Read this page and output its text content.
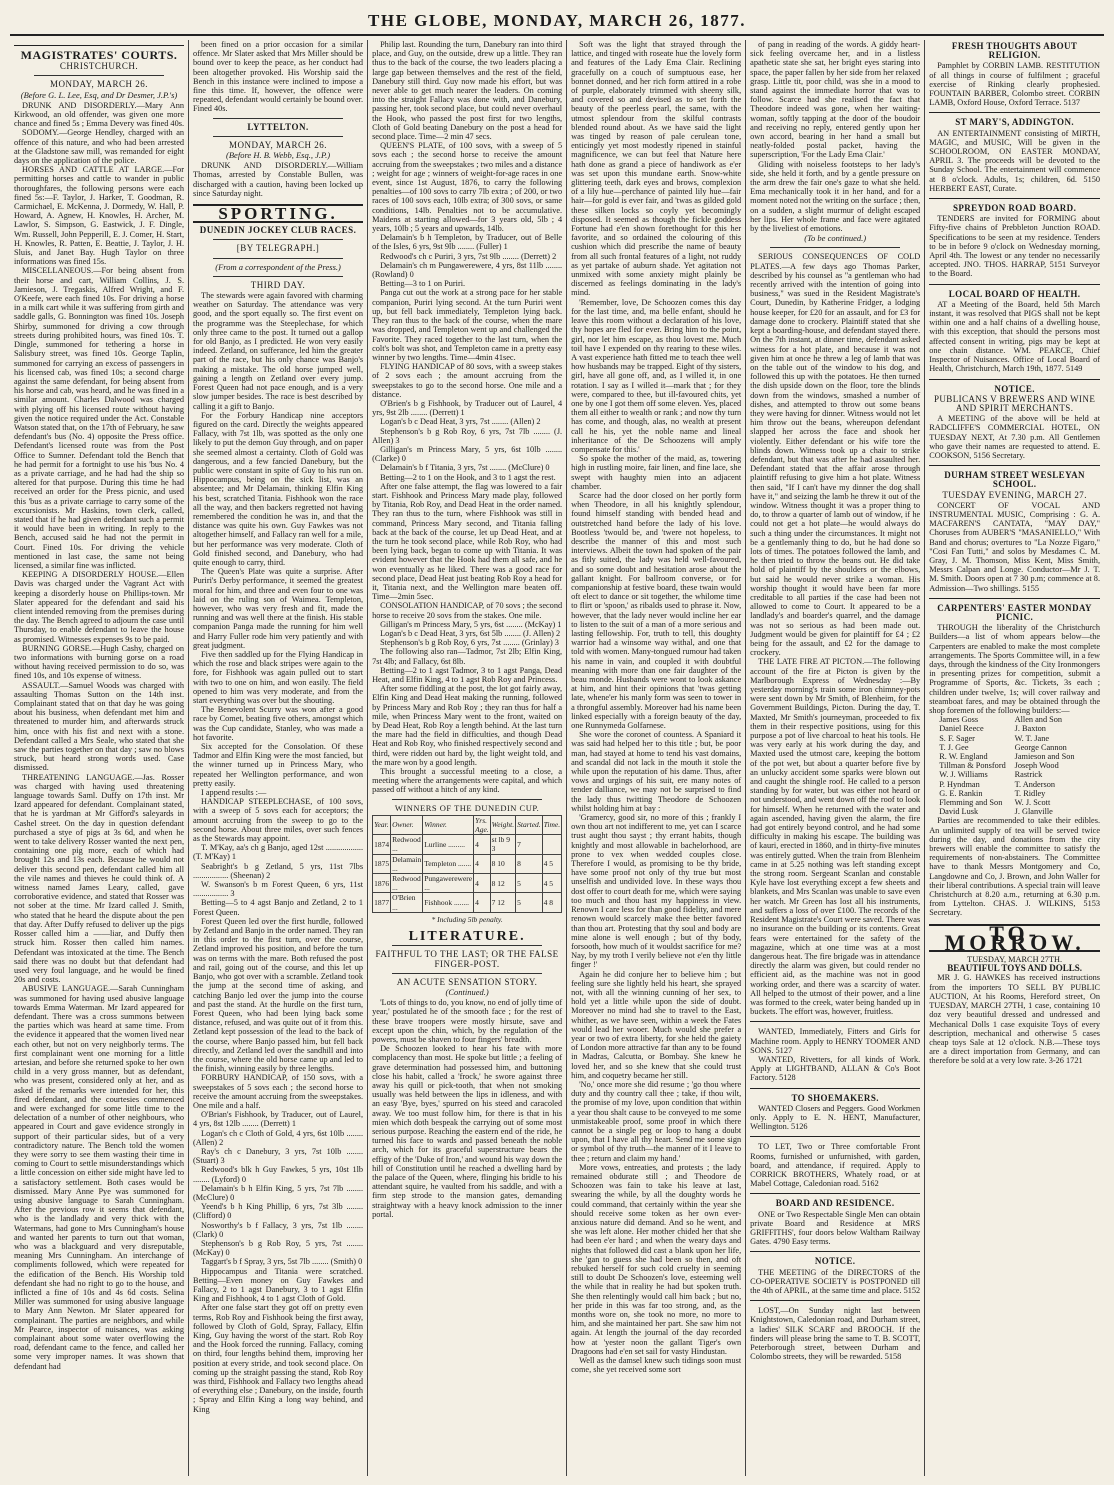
THE GLOBE, MONDAY, MARCH 26, 1877.
MAGISTRATES' COURTS.
CHRISTCHURCH.
MONDAY, MARCH 26.
(Before G. L. Lee, Esq, and Dr Desmer, J.P.'s)

DRUNK AND DISORDERLY.—Mary Ann Kirkwood, an old offender, was given one more chance and fined 5s ; Emma Devery was fined 40s.

SODOMY.—George Hendley, charged with an offence of this nature, and who had been arrested at the Gladstone saw mill, was remanded for eight days on the application of the police.

HORSES AND CATTLE AT LARGE.—For permitting horses and cattle to wander in public thoroughfares, the following persons were each fined 5s:—F. Taylor, J. Harker, T. Goodman, R. Carmichael, E. McKenna, J. Dormedy, W. Hall, P. Howard, A. Agnew, H. Knowles, H. Archer, M. Lawlor, S. Simpson, G. Eastwick, J. F. Dingle, Wm. Russell, John Pepperill, E. J. Comer, H. Start, H. Knowles, R. Patten, E. Beattie, J. Taylor, J. H. Sluis, and Janet Bay. Hugh Taylor on three informations was fined 15s.

MISCELLANEOUS.—For being absent from their horse and cart, William Collins, J. S. Jamieson, J. Tregaskis, Alfred Wright, and F. O'Keefe, were each fined 10s. For driving a horse in a milk cart while it was suffering from girth and saddle galls, G. Bonnington was fined 10s. Joseph Shirby, summoned for driving a cow through streets during prohibited hours, was fined 10s. T. Dingle, summoned for tethering a horse in Salisbury street, was fined 10s. George Taplin, summoned for carrying an excess of passengers in his licensed cab, was fined 10s; a second charge against the same defendant, for being absent from his horse and cab, was heard, and he was fined in a similar amount. Charles Dalwood was charged with plying off his licensed route without having given the notice required under the Act. Constable Watson stated that, on the 17th of February, he saw defendant's bus (No. 4) opposite the Press office. Defendant's licensed route was from the Post Office to Sumner. Defendant told the Bench that he had permit for a fortnight to use his 'bus No. 4 as a private carriage, and he had had the ship so altered for that purpose. During this time he had received an order for the Press picnic, and used this 'bus as a private carriage to carry some of the excursionists. Mr Haskins, town clerk, called, stated that if he had given defendant such a permit it would have been in writing. In reply to the Bench, accused said he had not the permit in Court. Fined 10s. For driving the vehicle mentioned in last case, the same not being licensed, a similar fine was inflicted.

KEEPING A DISORDERLY HOUSE.—Ellen Davis was charged under the Vagrant Act with keeping a disorderly house on Phillips-town. Mr Slater appeared for the defendant and said his client intended removing from the premises during the day. The Bench agreed to adjourn the case until Thursday, to enable defendant to leave the house as promised. Witnesses expenses 9s to be paid.

BURNING GORSE.—Hugh Cashy, charged on two informations with burning gorse on a road without having received permission to do so, was fined 10s, and 10s expense of witness.

ASSAULT.—Samuel Woods was charged with assaulting Thomas Sutton on the 14th inst. Complainant stated that on that day he was going about his business, when defendant met him and threatened to murder him, and afterwards struck him, once with his fist and next with a stone. Defendant called a Mrs Seale, who stated that she saw the parties together on that day ; saw no blows struck, but heard strong words used. Case dismissed.

THREATENING LANGUAGE.—Jas. Rosser was charged with having used threatening language towards Saml. Duffy on 17th inst. Mr Izard appeared for defendant. Complainant stated, that he is yardman at Mr Gifford's saleyards in Cashel street. On the day in question defendant purchased a stye of pigs at 3s 6d, and when he went to take delivery Rosser wanted the next pen, containing one pig more, each of which had brought 12s and 13s each. Because he would not deliver this second pen, defendant called him all the vile names and thieves he could think of. A witness named James Leary, called, gave corroborative evidence, and stated that Rosser was not sober at the time. Mr Izard called J. Smith, who stated that he heard the dispute about the pen that day. After Duffy refused to deliver up the pigs Rosser called him a ——liar, and Duffy then struck him. Rosser then called him names. Defendant was intoxicated at the time. The Bench said there was no doubt but that defendant had used very foul language, and he would be fined 20s and costs.

ABUSIVE LANGUAGE.—Sarah Cunningham was summoned for having used abusive language towards Emma Waterman. Mr Izard appeared for defendant. There was a cross summons between the parties which was heard at same time. From the evidence it appeared that the women lived near each other, but not on very neighborly terms. The first complainant went one morning for a little artesian, and before she returned spoke to her own child in a very gross manner, but as defendant, who was present, considered only at her, and as asked if the remarks were intended for her, this fired defendant, and the courtesies commenced and were exchanged for some little time to the delectation of a number of other neighbours, who appeared in Court and gave evidence strongly in support of their particular sides, but of a very contradictory nature. The Bench told the women they were sorry to see them wasting their time in coming to Court to settle misunderstandings which a little concession on either side might have led to a satisfactory settlement. Both cases would be dismissed. Mary Anne Pye was summoned for using abusive language to Sarah Cunningham. After the previous row it seems that defendant, who is the landlady and very thick with the Watermans, had gone to Mrs Cunningham's house and wanted her parents to turn out that woman, who was a blackguard and very disreputable, meaning Mrs Cunningham. An interchange of compliments followed, which were repeated for the edification of the Bench. His Worship told defendant she had no right to go to the house, and inflicted a fine of 10s and 4s 6d costs. Selina Miller was summoned for using abusive language to Mary Ann Newton. Mr Slater appeared for complainant. The parties are neighbors, and while Mr Pearce, inspector of nuisances, was asking complainant about some water overflowing the road, defendant came to the fence, and called her some very improper names. It was shown that defendant had

been fined on a prior occasion for a similar offence. Mr Slater asked that Mrs Miller should be bound over to keep the peace, as her conduct had been altogether provoked. His Worship said the Bench in this instance were inclined to impose a fine this time. If, however, the offence were repeated, defendant would certainly be bound over. Fined 40s.

LYTTELTON.
MONDAY, MARCH 26.
(Before H. B. Webb, Esq., J.P.)

DRUNK AND DISORDERLY.—William Thomas, arrested by Constable Bullen, was discharged with a caution, having been locked up since Saturday night.

SPORTING.
DUNEDIN JOCKEY CLUB RACES.
[BY TELEGRAPH.]
(From a correspondent of the Press.)
THIRD DAY.

The stewards were again favored with charming weather on Saturday. The attendance was very good, and the sport equally so. The first event on the programme was the Steeplechase, for which only three came to the post. It turned out a gallop for old Banjo, as I predicted. He won very easily indeed. Zetland, on sufferance, led him the greater part of the race, but his only chance was Banjo's making a mistake. The old horse jumped well, gaining a length on Zetland over every jump. Forest Queen had not pace enough, and is a very slow jumper besides. The race is best described by calling it a gift to Banjo.

For the Forbury Handicap nine acceptors figured on the card. Directly the weights appeared Fallacy, with 7st 1lb, was spotted as the only one likely to put the demon Guy through, and on paper she seemed almost a certainty. Cloth of Gold was dangerous, and a few fancied Danebury, but the public were constant in spite of Guy to his run on. Hippocampus, being on the sick list, was an absentee; and Mr Delamain, thinking Elfin King his best, scratched Titania. Fishhook won the race all the way, and then backers regretted not having remembered the condition he was in, and that the distance was quite his own. Guy Fawkes was not altogether himself, and Fallacy ran well for a mile, but her performance was very moderate. Cloth of Gold finished second, and Danebury, who had quite enough to carry, third.

The Queen's Plate was quite a surprise. After Puriri's Derby performance, it seemed the greatest moral for him, and three and even four to one was laid on the ruling son of Waimea. Templeton, however, who was very fresh and fit, made the running and was well there at the finish. His stable companion Panga made the running for him well and Harry Fuller rode him very patiently and with great judgment.

Five then saddled up for the Flying Handicap in which the rose and black stripes were again to the fore, for Fishhook was again pulled out to start with two to one on him, and won easily. The field opened to him was very moderate, and from the start everything was over but the shouting.

The Benevolent Scurry was won after a good race by Comet, beating five others, amongst which was the Cup candidate, Stanley, who was made a hot favorite.

Six accepted for the Consolation. Of these Tadmor and Elfin King were the most fancied, but the winner turned up in Princess Mary, who repeated her Wellington performance, and won pretty easily.

I append results :—

HANDICAP STEEPLECHASE, of 100 sovs, with a sweep of 5 sovs each for acceptors; the amount accruing from the sweep to go to the second horse. About three miles, over such fences as the Stewards may appoint.

T. M'Kay, aa's ch g Banjo, aged 12st .................. (T. M'Kay) 1

Seabright's b g Zetland, 5 yrs, 11st 7lbs ................. (Sheenan) 2

W. Swanson's b m Forest Queen, 6 yrs, 11st ................. 3

Betting—5 to 4 agst Banjo and Zetland, 2 to 1 Forest Queen.

Forest Queen led over the first hurdle, followed by Zetland and Banjo in the order named. They ran in this order to the first turn, over the course, Zetland improved his position, and before the turn was on terms with the mare. Both refused the post and rail, going out of the course, and this let up Banjo, who got over with a scramble. Zetland took the jump at the second time of asking, and catching Banjo led over the jump into the course and past the stand. At the hurdle on the first turn, Forest Queen, who had been lying back some distance, refused, and was quite out of it from this. Zetland kept possession of the lead to the back of the course, where Banjo passed him, but fell back directly, and Zetland led over the sandhill and into the course, where the old horse came up and led to the finish, winning easily by three lengths.

FORBURY HANDICAP, of 150 sovs, with a sweepstakes of 5 sovs each ; the second horse to receive the amount accruing from the sweepstakes. One mile and a half.

O'Brian's Fishhook, by Traducer, out of Laurel, 4 yrs, 8st 12lb ........ (Derrett) 1

Logan's ch c Cloth of Gold, 4 yrs, 6st 10lb ........ (Allen) 2

Ray's ch c Danebury, 3 yrs, 7st 10lb ........ (Stuart) 3

Redwood's blk h Guy Fawkes, 5 yrs, 10st 1lb ........ (Lyford) 0

Delamain's b h Elfin King, 5 yrs, 7st 7lb ........ (McClure) 0

Yeend's b h King Phillip, 6 yrs, 7st 3lb ........ (Clifford) 0

Nosworthy's b f Fallacy, 3 yrs, 7st 1lb ........ (Clark) 0

Stephenson's b g Rob Roy, 5 yrs, 7st ........ (McKay) 0

Taggart's b f Spray, 3 yrs, 5st 7lb ........ (Smith) 0

Hippocampus and Titania were scratched. Betting—Even money on Guy Fawkes and Fallacy, 2 to 1 agst Danebury, 3 to 1 agst Elfin King and Fishhook, 4 to 1 agst Cloth of Gold.

After one false start they got off on pretty even terms, Rob Roy and Fishhook being the first away, followed by Cloth of Gold, Spray, Fallacy, Elfin King, Guy having the worst of the start. Rob Roy and the Hook forced the running. Fallacy, coming on third, four lengths behind them, improving her position at every stride, and took second place. On coming up the straight passing the stand, Rob Roy was third, Fishhook and Fallacy two lengths ahead of everything else ; Danebury, on the inside, fourth ; Spray and Elfin King a long way behind, and King

Philip last. Rounding the turn, Danebury ran into third place, and Guy, on the outside, drew up a little. They ran thus to the back of the course, the two leaders placing a large gap between themselves and the rest of the field, Danebury still third. Guy now made his effort, but was never able to get much nearer the leaders. On coming into the straight Fallacy was done with, and Danebury, passing her, took second place, but could never overhaul the Hook, who passed the post first for two lengths, Cloth of Gold beating Danebury on the post a head for second place. Time—2 min 47 secs.

QUEEN'S PLATE, of 100 sovs, with a sweep of 5 sovs each ; the second horse to receive the amount accruing from the sweepstakes ; two miles and a distance ; weight for age ; winners of weight-for-age races in one event, since 1st August, 1876, to carry the following penalties—of 100 sovs to carry 7lb extra ; of 200, or two races of 100 sovs each, 10lb extra; of 300 sovs, or same conditions, 14lb. Penalties not to be accumulative. Maidens at starting allowed—for 3 years old, 5lb ; 4 years, 10lb ; 5 years and upwards, 14lb.

Delamain's b h Templeton, by Traducer, out of Belle of the Isles, 6 yrs, 9st 9lb ........ (Fuller) 1

Redwood's ch c Puriri, 3 yrs, 7st 9lb ........ (Derrett) 2

Delamain's ch m Pungawerewere, 4 yrs, 8st 11lb ........ (Rowland) 0

Betting—3 to 1 on Puriri.

Panga cut out the work at a strong pace for her stable companion, Puriri lying second. At the turn Puriri went up, but fell back immediately, Templeton lying back. They ran thus to the back of the course, when the mare was dropped, and Templeton went up and challenged the Favorite. They raced together to the last turn, when the colt's bolt was shot, and Templeton came in a pretty easy winner by two lengths. Time—4min 41sec.

FLYING HANDICAP of 80 sovs, with a sweep stakes of 2 sovs each ; the amount accruing from the sweepstakes to go to the second horse. One mile and a distance.

O'Brien's b g Fishhook, by Traducer out of Laurel, 4 yrs, 9st 2lb ........ (Derrett) 1

Logan's b c Dead Heat, 3 yrs, 7st ........ (Allen) 2

Stephenson's b g Rob Roy, 6 yrs, 7st 7lb ........ (J. Allen) 3

Gilligan's m Princess Mary, 5 yrs, 6st 10lb ........ (Clarke) 0

Delamain's b f Titania, 3 yrs, 7st ........ (McClure) 0

Betting—2 to 1 on the Hook, and 3 to 1 agst the rest.

After one false attempt, the flag was lowered to a fair start. Fishhook and Princess Mary made play, followed by Titania, Rob Roy, and Dead Heat in the order named. They ran thus to the turn, where Fishhook was still in command, Princess Mary second, and Titania falling back at the back of the course, let up Dead Heat, and at the turn he took second place, while Rob Roy, who had been lying back, began to come up with Titania. It was evident however that the Hook had them all safe, and he won eventually as he liked. There was a good race for second place, Dead Heat just beating Rob Roy a head for it, Titania next, and the Wellington mare beaten off. Time—2min 5sec.

CONSOLATION HANDICAP, of 70 sovs ; the second horse to receive 20 sovs from the stakes. One mile.

Gilligan's m Princess Mary, 5 yrs, 6st ........ (McKay) 1

Logan's b c Dead Heat, 3 yrs, 6st 5lb ........ (J. Allen) 2

Stephenson's b g Rob Roy, 6 yrs, 7st ........ (Grinlay) 3

The following also ran—Tadmor, 7st 2lb; Elfin King, 7st 4lb; and Fallacy, 6st 8lb.

Betting—2 to 1 agst Tadmor, 3 to 1 agst Panga, Dead Heat, and Elfin King, 4 to 1 agst Rob Roy and Princess.

After some fiddling at the post, the lot got fairly away, Elfin King and Dead Heat making the running, followed by Princess Mary and Rob Roy ; they ran thus for half a mile, when Princess Mary went to the front, waited on by Dead Heat, Rob Roy a length behind. At the last turn the mare had the field in difficulties, and though Dead Heat and Rob Roy, who finished respectively second and third, were ridden out hard by, the light weight told, and the mare won by a good length.

This brought a successful meeting to a close, a meeting where the arrangements were capital, and which passed off without a hitch of any kind.

WINNERS OF THE DUNEDIN CUP.
Year.	Owner.	Winner.	Yrs. Age.	Weight.	Started.	Time.
1874	Redwood ...	Lurline .........	4	st lb 9 3	7	
1875	Delamain ...	Templeton .......	4	8 10	8	4 5
1876	Redwood ...	Pungawerewere ...	4	8 12	5	4 5
1877	O'Brien ...	Fishhook ........	4	7 12	5	4 8
* Including 5lb penalty.
LITERATURE.
FAITHFUL TO THE LAST; OR THE FALSE FINGER-POST.
AN ACUTE SENSATION STORY.
(Continued.)

'Lots of things to do, you know, no end of jolly time of year,' postulated he of the smooth face ; for the rest of these brave troopers were mostly hirsute, save and except upon the chin, which, by the regulation of the powers, must be shaven to four fingers' breadth.

De Schoozen looked to hear his fate with more complacency than most. He spoke but little ; a feeling of grave determination had possessed him, and buttoning close his habit, called a 'frock,' he swore against three away his quill or pick-tooth, that when not smoking usually was held between the lips in idleness, and with an easy 'Bye, byes,' spurred on his steed and caracoled away. We too must follow him, for there is that in his mien which doth bespeak the carrying out of some most serious purpose. Reaching the eastern end of the ride, he turned his face to wards and passed beneath the noble arch, which for its graceful superstructure bears the effigy of the 'Duke of Iron,' and wound his way down the hill of Constitution until he reached a dwelling hard by the palace of the Queen, where, flinging his bridle to his attendant squire, he vaulted from his saddle, and with a firm step strode to the mansion gates, demanding straightway with a heavy knock admission to the inner portal.

Soft was the light that strayed through the lattice, and tinged with roseate hue the lovely form and features of the Lady Ema Clair. Reclining gracefully on a couch of sumptuous ease, her bonnet donned, and her rich form attired in a robe of purple, elaborately trimmed with sheeny silk, and covered so and devised as to set forth the beauty of the peerless pearl, the same, with the utmost splendour from the skilful contrasts blended round about. As we have said the light was tinged by reason of pale cerulean tone, enticingly yet most modestly ripened in stainful magnificence, we can but feel that Nature here hath done as grand a piece of handiwork as e'er was set upon this mundane earth. Snow-white glittering teeth, dark eyes and brows, complexion of a lily hue—perchance of painted lily hue—fair hair—for gold is ever fair, and 'twas as gilded gold these silken locks so coyly yet becomingly disposed. It seemed as though the fickle goddess Fortune had e'en shown forethought for this her favorite, and so ordained the colouring of this cushion which did prescribe the name of beauty from all such frontal features of a light, not ruddy as yet partake of auburn shade. Yet agitation not unmixed with some anxiety might plainly be discerned as feelings dominating in the lady's mind.

'Remember, love, De Schoozen comes this day for the last time, and, ma belle enfant, should he leave this room without a declaration of his love, thy hopes are fled for ever. Bring him to the point, girl, nor let him escape, as thou lovest me. Much toil have I expended on thy rearing to these wiles. A vast experience hath fitted me to teach thee well how husbands may be trapped. Eight of thy sisters, girl, have all gone off, and, as I willed it, in one rotation. I say as I willed it—mark that ; for they were, compared to thee, but ill-favoured chits, yet one by one I got them off some eleven. Yes, placed them all either to wealth or rank ; and now thy turn has come, and though, alas, no wealth at present call he his, yet the noble name and lineal inheritance of the De Schoozens will amply compensate for this.'

So spoke the mother of the maid, as, towering high in rustling moire, fair linen, and fine lace, she swept with haughty mien into an adjacent chamber.

Scarce had the door closed on her portly form when Theodore, in all his knightly splendour, found himself standing with bended head and outstretched hand before the lady of his love. Bootless 'twould be, and 'twere not hopeless, to describe the manner of this and most such interviews. Albeit the town had spoken of the pair as fitly suited, the lady was held well-favoured, and so some doubt and hesitation arose about the gallant knight. For ballroom converse, or for companionship at festive board, these twain would oft elect to dance or sit together, the whilome time to flirt or 'spoon,' as ribalds used to phrase it. Now, however, that the lady never would incline her ear to listen to the suit of a man of a more serious and lasting fellowship. For, truth to tell, this doughty warrior had a winsome way withal, and one that told with women. Many-tongued rumour had taken his name in vain, and coupled it with doubtful meaning with more than one fair daughter of the beau monde. Husbands were wont to look askance at him, and hint their opinions that 'twas getting late, whene'er his manly form was seen to tower in a throngful assembly. Moreover had his name been linked especially with a foreign beauty of the day, one Runnymeda Golfarnese.

She wore the coronet of countess. A Spaniard it was said had helped her to this title ; but, be poor man, had stayed at home to tend his vast domains, and scandal did not lack in the mouth it stole the while upon the reputation of his dame. Thus, after vows and urgings of his suit, ere many notes of tender dalliance, we may not be surprised to find the lady thus twitting Theodore de Schoozen whilst holding him at bay :

'Gramercy, good sir, no more of this ; frankly I own thou art not indifferent to me, yet can I scarce trust aught thou sayst ; thy errant habits, though knightly and most allowable in bachelorhood, are prone to vex when wedded couples close. Therefore I would, as promising to be thy bride, have some proof not only of thy true but most unselfish and undivided love. In these ways thou dost offer to court death for me, which were saying too much and thou hast my happiness in view. Renown I care less for than good fidelity, and mere renown would scarcely make thee better favored than thou art. Protesting that thy soul and body are mine alone is well enough ; but of thy body, forsooth, how much of it wouldst sacrifice for me? Nay, by my troth I verily believe not e'en thy little finger !'

Again he did conjure her to believe him ; but feeling sure she lightly held his heart, she sprayed not, with all the winning cunning of her sex, to hold yet a little while upon the side of doubt. Moreover no mind had she to travel to the East, whither, as we have seen, within a week the Fates would lead her wooer. Much would she prefer a year or two of extra liberty, for she held the gaiety of London more attractive far than any to be found in Madras, Calcutta, or Bombay. She knew he loved her, and so she knew that she could trust him, and coquetry became her still.

'No,' once more she did resume ; 'go thou where duty and thy country call thee ; take, if thou wilt, the promise of my love, upon condition that within a year thou shalt cause to be conveyed to me some unmistakeable proof, some proof in which there cannot be a single peg or loop to hang a doubt upon, that I have all thy heart. Send me some sign or symbol of thy truth—the manner of it I leave to thee ; return and claim my hand.'

More vows, entreaties, and protests ; the lady remained obdurate still ; and Theodore de Schoozen was fain to take his leave at last, swearing the while, by all the doughty words he could command, that certainly within the year she should receive some token as her own ever-anxious nature did demand. And so he went, and she was left alone. Her mother chided her that she had been e'er hard ; and when the weary days and nights that followed did cast a blank upon her life, she 'gan to guess she had been so then, and oft rebuked herself for such cold cruelty in seeming still to doubt De Schoozen's love, esteeming well the while that in reality he had but spoken truth. She then relentingly would call him back ; but no, her pride in this was far too strong, and, as the months wore on, she took no more, no more to him, and she maintained her part. She saw him not again. At length the journal of the day recorded how at 'yester noon the gallant Tiger's own Dragoons had e'en set sail for vasty Hindustan.

Well as the damsel knew such tidings soon must come, she yet received some sort

of pang in reading of the words. A giddy heart-sick feeling overcame her, and in a listless apathetic state she sat, her bright eyes staring into space, the paper fallen by her side from her relaxed grasp. Little tit, poor child, was she in a mood to stand against the immediate horror that was to follow. Scarce had she realised the fact that Theodore indeed was gone, when her waiting-woman, softly tapping at the door of the boudoir and receiving no reply, entered gently upon her own accord, bearing in her hand a small but neatly-folded postal packet, having the superscription, 'For the Lady Ema Clair.'

Gliding with noiseless footsteps to her lady's side, she held it forth, and by a gentle pressure on the arm drew the fair one's gaze to what she held. Ema mechanically took it in her hand, and for a moment noted not the writing on the surface ; then, on a sudden, a slight murmur of delight escaped her lips. Her whole frame and face were agitated by the liveliest of emotions.

(To be continued.)

SERIOUS CONSEQUENCES OF COLD PLATES.—A few days ago Thomas Parker, described by his counsel as "a gentleman who had recently arrived with the intention of going into business," was sued in the Resident Magistrate's Court, Dunedin, by Katherine Fridger, a lodging house keeper, for £20 for an assault, and for £3 for damage done to crockery. Plaintiff stated that she kept a boarding-house, and defendant stayed there. On the 7th instant, at dinner time, defendant asked witness for a hot plate, and because it was not given him at once he threw a leg of lamb that was on the table out of the window to his dog, and followed this up with the potatoes. He then turned the dish upside down on the floor, tore the blinds down from the windows, smashed a number of dishes, and attempted to throw out some beans they were having for dinner. Witness would not let him throw out the beans, whereupon defendant slapped her across the face and shook her violently. Either defendant or his wife tore the blinds down. Witness took up a chair to strike defendant, but that was after he had assaulted her. Defendant stated that the affair arose through plaintiff refusing to give him a hot plate. Witness then said, "If I can't have my dinner the dog shall have it," and seizing the lamb he threw it out of the window. Witness thought it was a proper thing to do, to throw a quarter of lamb out of window, if he could not get a hot plate—he would always do such a thing under the circumstances. It might not be a gentlemanly thing to do, but he had done so lots of times. The potatoes followed the lamb, and he then tried to throw the beans out. He did take hold of plaintiff by the shoulders or the elbows, but said he would never strike a woman. His worship thought it would have been far more creditable to all parties if the case had been not allowed to come to Court. It appeared to be a landlady's and boarder's quarrel, and the damage was not so serious as had been made out. Judgment would be given for plaintiff for £4 ; £2 being for the assault, and £2 for the damage to crockery.

THE LATE FIRE AT PICTON.—The following account of the fire at Picton is given by the Marlborough Express of Wednesday :—By yesterday morning's train some iron chimney-pots were sent down by Mr Smith, of Blenheim, for the Government Buildings, Picton. During the day, T. Maxted, Mr Smith's journeyman, proceeded to fix them in their respective positions, using for this purpose a pot of live charcoal to heat his tools. He was very early at his work during the day, and Maxted used the utmost care, keeping the bottom of the pot wet, but about a quarter before five by an unlucky accident some sparks were blown out and caught the shingle roof. He called to a person standing by for water, but was either not heard or not understood, and went down off the roof to look for himself. When he returned with the water and again ascended, having given the alarm, the fire had got entirely beyond control, and he had some difficulty in making his escape. The building was of kauri, erected in 1860, and in thirty-five minutes was entirely gutted. When the train from Blenheim came in at 5.25 nothing was left standing except the strong room. Sergeant Scanlan and constable Kyle have lost everything except a few sheets and blankets, and Mrs Scanlan was unable to save even her watch. Mr Green has lost all his instruments, and suffers a loss of over £100. The records of the Resident Magistrate's Court were saved. There was no insurance on the building or its contents. Great fears were entertained for the safety of the magazine, which at one time was at a most dangerous heat. The fire brigade was in attendance directly the alarm was given, but could render no efficient aid, as the machine was not in good working order, and there was a scarcity of water. All helped to the utmost of their power, and a line was formed to the creek, water being handed up in buckets. The effort was, however, fruitless.

WANTED, Immediately, Fitters and Girls for Machine room. Apply to HENRY TOOMER AND SONS. 5127

WANTED, Rivetters, for all kinds of Work. Apply at LIGHTBAND, ALLAN & Co's Boot Factory. 5128

TO SHOEMAKERS.

WANTED Closers and Peggers. Good Workmen only. Apply to E. N. HENT, Manufacturer, Wellington. 5126

TO LET, Two or Three comfortable Front Rooms, furnished or unfurnished, with garden, board, and attendance, if required. Apply to CORRICK BROTHERS, Whately road, or at Mabel Cottage, Caledonian road. 5162

BOARD AND RESIDENCE.

ONE or Two Respectable Single Men can obtain private Board and Residence at MRS GRIFFITHS', four doors below Waltham Railway Gates. 4790 Easy terms.

NOTICE.

THE MEETING of the DIRECTORS of the CO-OPERATIVE SOCIETY is POSTPONED till the 4th of APRIL, at the same time and place. 5152

LOST,—On Sunday night last between Knightstown, Caledonian road, and Durham street, a ladies' SILK SCARF and BROOCH. If the finders will please bring the same to T. B. SCOTT, Peterborough street, between Durham and Colombo streets, they will be rewarded. 5158

FRESH THOUGHTS ABOUT RELIGION.

Pamphlet by CORBIN LAMB. RESTITUTION of all things in course of fulfilment ; graceful exercise of Rinking clearly prophesied. FOUNTAIN BARBER, Colombo street. CORBIN LAMB, Oxford House, Oxford Terrace. 5137

ST MARY'S, ADDINGTON.

AN ENTERTAINMENT consisting of MIRTH, MAGIC, and MUSIC, Will be given in the SCHOOLROOM, ON EASTER MONDAY, APRIL 3. The proceeds will be devoted to the Sunday School. The entertainment will commence at 8 o'clock. Adults, 1s; children, 6d. 5150 HERBERT EAST, Curate.

SPREYDON ROAD BOARD.

TENDERS are invited for FORMING about Fifty-five chains of Prebbleton Junction ROAD. Specifications to be seen at my residence. Tenders to be in before 9 o'clock on Wednesday morning, April 4th. The lowest or any tender no necessarily accepted. JNO. THOS. HARRAP, 5151 Surveyor to the Board.

LOCAL BOARD OF HEALTH.

AT a Meeting of the Board, held 5th March instant, it was resolved that PIGS shall not be kept within one and a half chains of a dwelling house, with this exception, that should the persons most affected consent in writing, pigs may be kept at one chain distance. WM. PEARCE, Chief Inspector of Nuisances. Office of Local Board of Health, Christchurch, March 19th, 1877. 5149

NOTICE.
PUBLICANS V BREWERS AND WINE AND SPIRIT MERCHANTS.

A MEETING of the above will be held at RADCLIFFE'S COMMERCIAL HOTEL, ON TUESDAY NEXT, At 7.30 p.m. All Gentlemen who gave their names are requested to attend. E. COOKSON, 5156 Secretary.

DURHAM STREET WESLEYAN SCHOOL.
TUESDAY EVENING, MARCH 27.

CONCERT OF VOCAL AND INSTRUMENTAL MUSIC, Comprising : G. A. MACFAREN'S CANTATA, "MAY DAY," Choruses from AUBER'S "MASANIELLO," With Band and chorus; overtures to "La Nozze Figaro," "Cosi Fan Tutti," and solos by Mesdames C. M. Gray, J. M. Thomson, Miss Kent, Miss Smith, Messrs Calpan and Longe. Conductor—Mr J. T. M. Smith. Doors open at 7 30 p.m; commence at 8. Admission—Two shillings. 5155

CARPENTERS' EASTER MONDAY PICNIC.

THROUGH the liberality of the Christchurch Builders—a list of whom appears below—the Carpenters are enabled to make the most complete arrangements. The Sports Committee will, in a few days, through the kindness of the City Ironmongers in presenting prizes for competition, submit a Programme of Sports, &c. Tickets, 3s each ; children under twelve, 1s; will cover railway and steamboat fares, and may be obtained through the shop foremen of the following builders:—

James Goss	Allen and Son
Daniel Reece	J. Baxton
S. F. Sager	W. T. Jane
T. J. Gee	George Cannon
R. W. England	Jamieson and Son
Tillman & Ponsford	Joseph Wood
W. J. Williams	Rastrick
P. Hyndman	T. Anderson
G. E. Rankin	T. Ridley
Flemming and Son	W. J. Scott
David Lusk	J. Glanville

Parties are recommended to take their edibles. An unlimited supply of tea will be served twice during the day, and donations from the city brewers will enable the committee to satisfy the requirements of non-abstainers. The Committee have to thank Messrs Montgomery and Co, Langdowne and Co, J. Brown, and John Waller for their liberal contributions. A special train will leave Christchurch at 8.20 a.m., returning at 6.30 p.m. from Lyttelton. CHAS. J. WILKINS, 5153 Secretary.

TO-MORROW.
TUESDAY, MARCH 27TH.
BEAUTIFUL TOYS AND DOLLS.

MR J. G. HAWKES has received instructions from the importers TO SELL BY PUBLIC AUCTION, At his Rooms, Hereford street, On TUESDAY, MARCH 27TH, 1 case, containing 10 doz very beautiful dressed and undressed and Mechanical Dolls 1 case exquisite Toys of every description, mechanical and otherwise 5 cases cheap toys Sale at 12 o'clock. N.B.—These toys are a direct importation from Germany, and can therefore be sold at a very low rate. 3-26 1721
